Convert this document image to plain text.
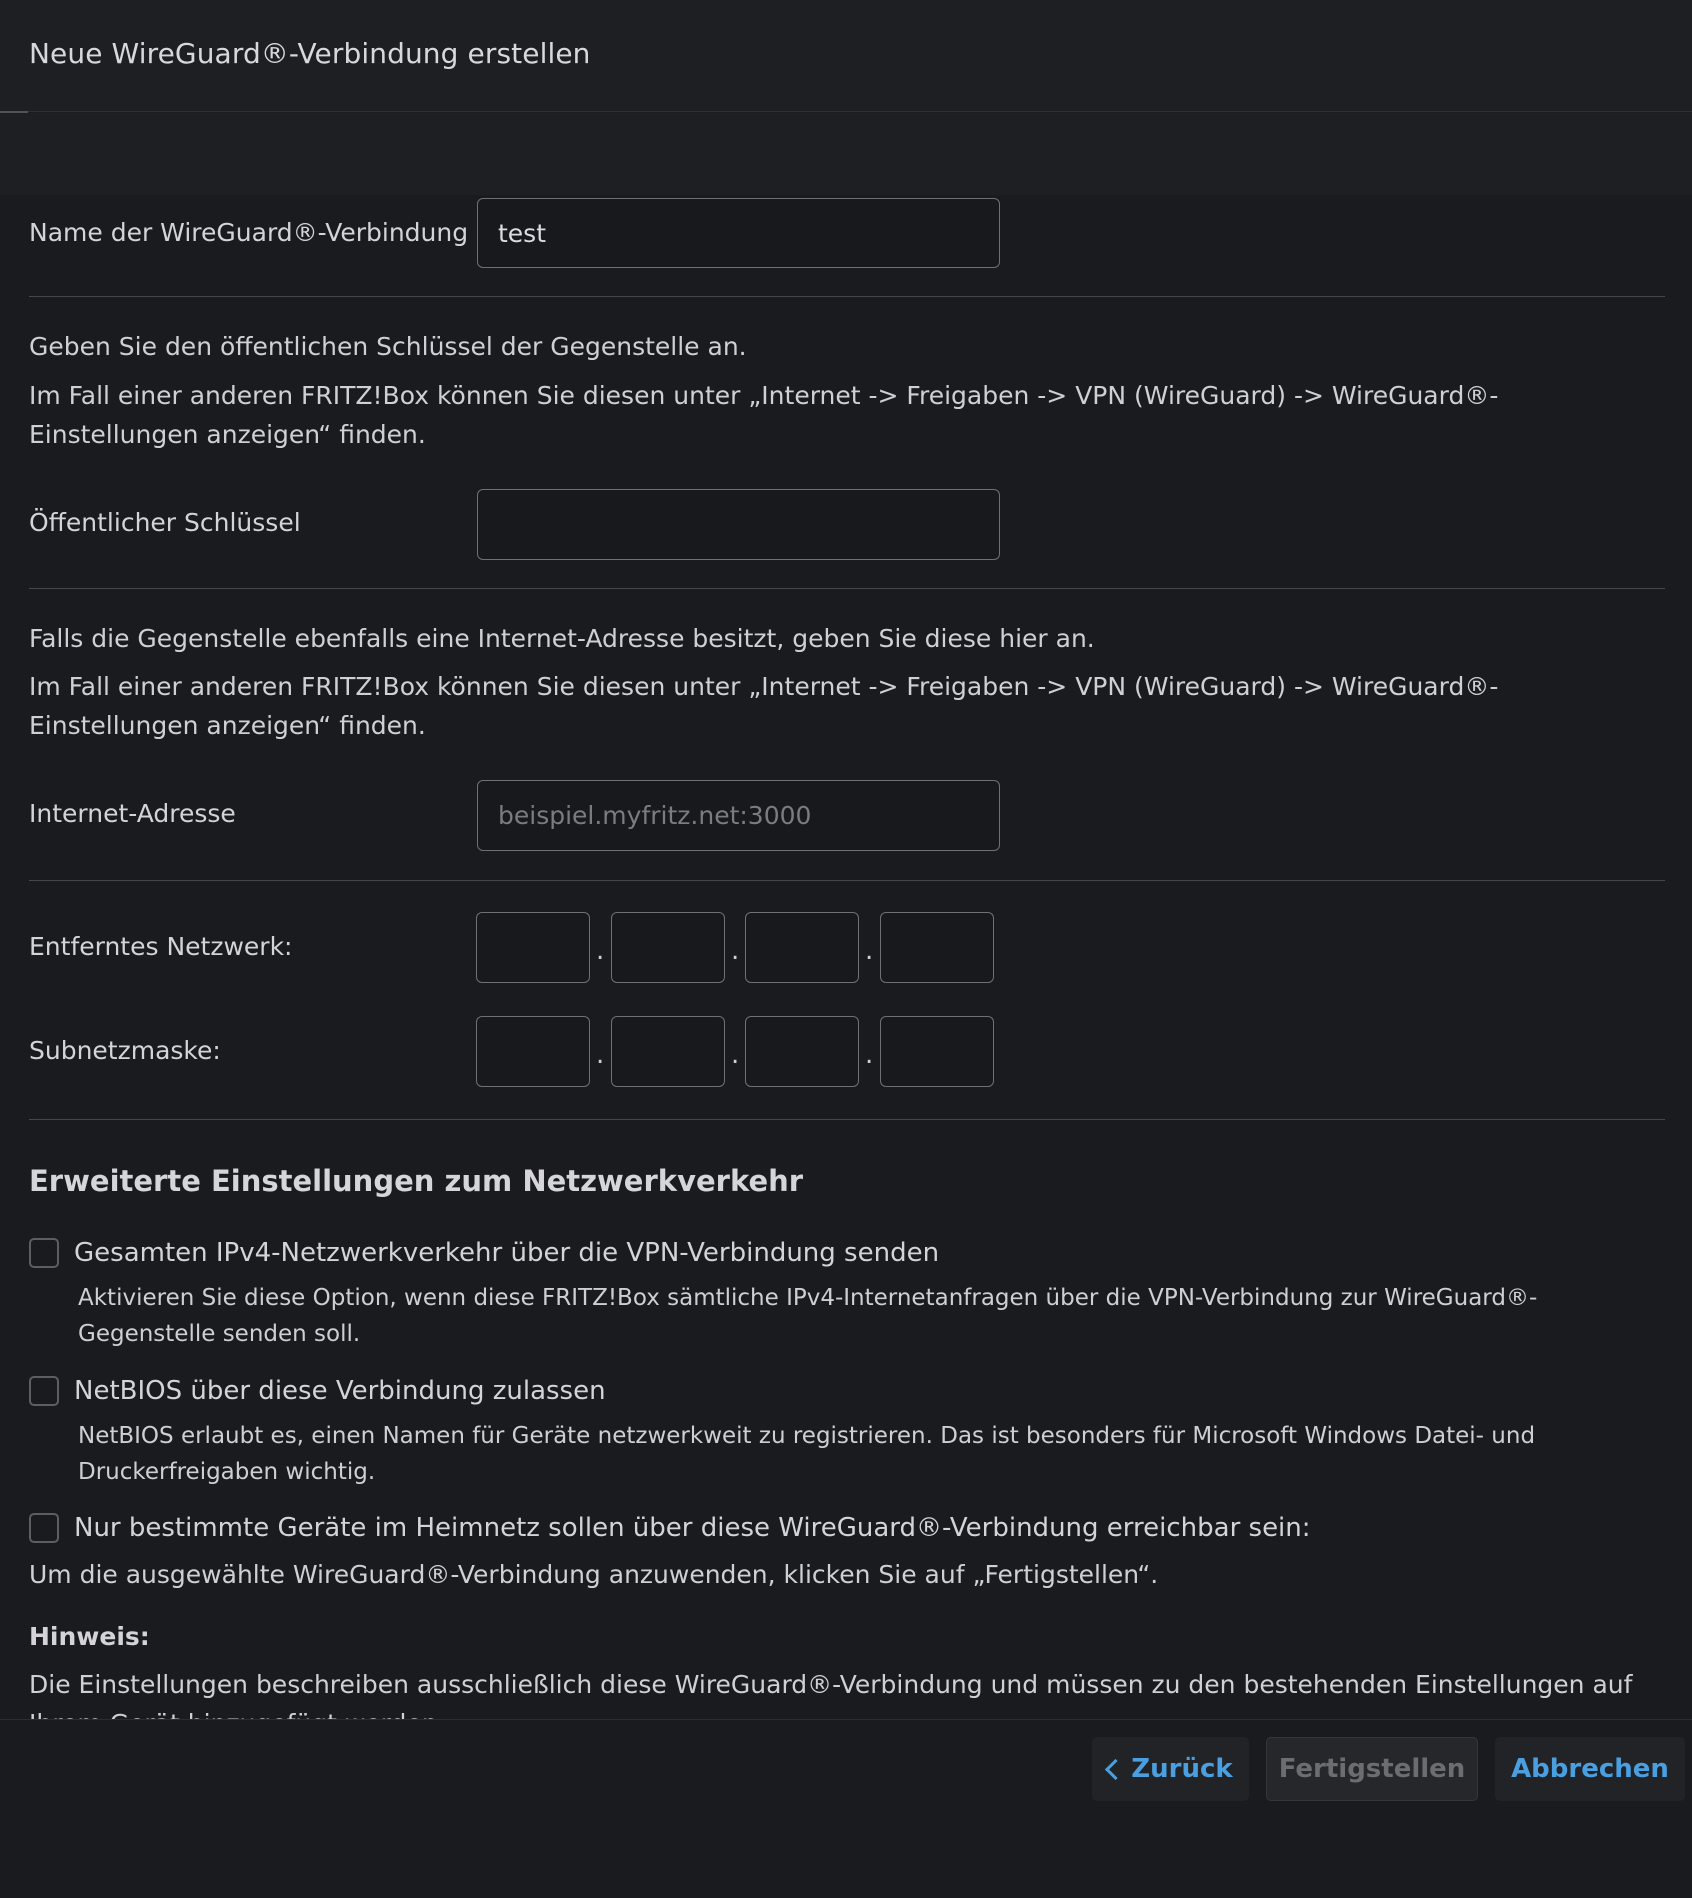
Neue WireGuard®-Verbindung erstellen
Name der WireGuard®-Verbindung
test
Geben Sie den öffentlichen Schlüssel der Gegenstelle an.
Im Fall einer anderen FRITZ!Box können Sie diesen unter „Internet -> Freigaben -> VPN (WireGuard) -> WireGuard®-Einstellungen anzeigen“ finden.
Öffentlicher Schlüssel
Falls die Gegenstelle ebenfalls eine Internet-Adresse besitzt, geben Sie diese hier an.
Im Fall einer anderen FRITZ!Box können Sie diesen unter „Internet -> Freigaben -> VPN (WireGuard) -> WireGuard®-Einstellungen anzeigen“ finden.
Internet-Adresse
beispiel.myfritz.net:3000
Entferntes Netzwerk:	.	.	.
Subnetzmaske:	.	.	.
Erweiterte Einstellungen zum Netzwerkverkehr
Gesamten IPv4-Netzwerkverkehr über die VPN-Verbindung senden
Aktivieren Sie diese Option, wenn diese FRITZ!Box sämtliche IPv4-Internetanfragen über die VPN-Verbindung zur WireGuard®-Gegenstelle senden soll.
NetBIOS über diese Verbindung zulassen
NetBIOS erlaubt es, einen Namen für Geräte netzwerkweit zu registrieren. Das ist besonders für Microsoft Windows Datei- und Druckerfreigaben wichtig.
Nur bestimmte Geräte im Heimnetz sollen über diese WireGuard®-Verbindung erreichbar sein:
Um die ausgewählte WireGuard®-Verbindung anzuwenden, klicken Sie auf „Fertigstellen“.
Hinweis:
Die Einstellungen beschreiben ausschließlich diese WireGuard®-Verbindung und müssen zu den bestehenden Einstellungen auf
Zurück	Fertigstellen	Abbrechen
